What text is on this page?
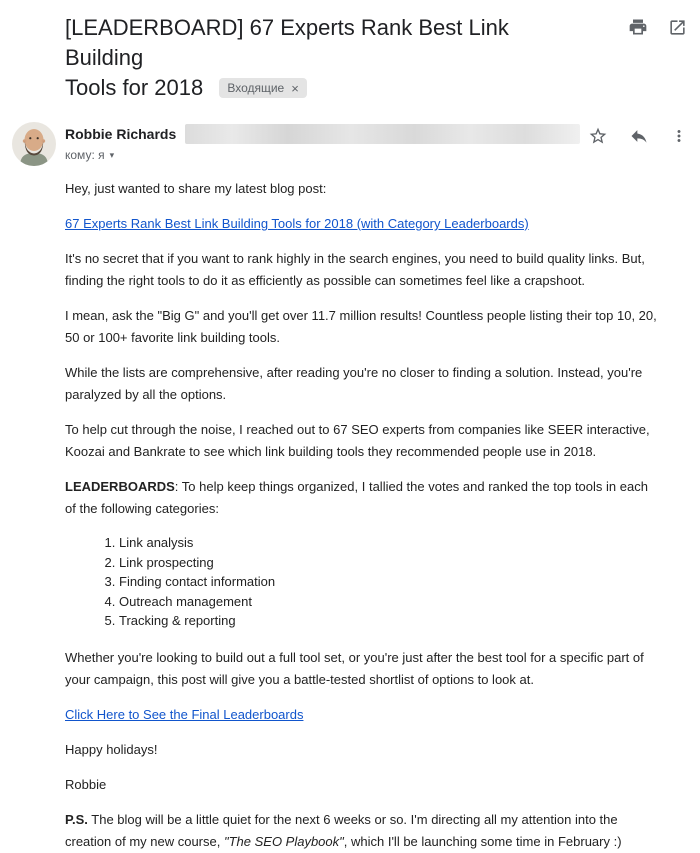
[LEADERBOARD] 67 Experts Rank Best Link Building
Tools for 2018 Входящие ×
Robbie Richards
кому: я ▾

Hey, just wanted to share my latest blog post:

67 Experts Rank Best Link Building Tools for 2018 (with Category Leaderboards)

It's no secret that if you want to rank highly in the search engines, you need to build quality links. But, finding the right tools to do it as efficiently as possible can sometimes feel like a crapshoot.

I mean, ask the "Big G" and you'll get over 11.7 million results! Countless people listing their top 10, 20, 50 or 100+ favorite link building tools.

While the lists are comprehensive, after reading you're no closer to finding a solution. Instead, you're paralyzed by all the options.

To help cut through the noise, I reached out to 67 SEO experts from companies like SEER interactive, Koozai and Bankrate to see which link building tools they recommended people use in 2018.

LEADERBOARDS: To help keep things organized, I tallied the votes and ranked the top tools in each of the following categories:

1. Link analysis
2. Link prospecting
3. Finding contact information
4. Outreach management
5. Tracking & reporting

Whether you're looking to build out a full tool set, or you're just after the best tool for a specific part of your campaign, this post will give you a battle-tested shortlist of options to look at.

Click Here to See the Final Leaderboards

Happy holidays!

Robbie

P.S. The blog will be a little quiet for the next 6 weeks or so. I'm directing all my attention into the creation of my new course, "The SEO Playbook", which I'll be launching some time in February :)
